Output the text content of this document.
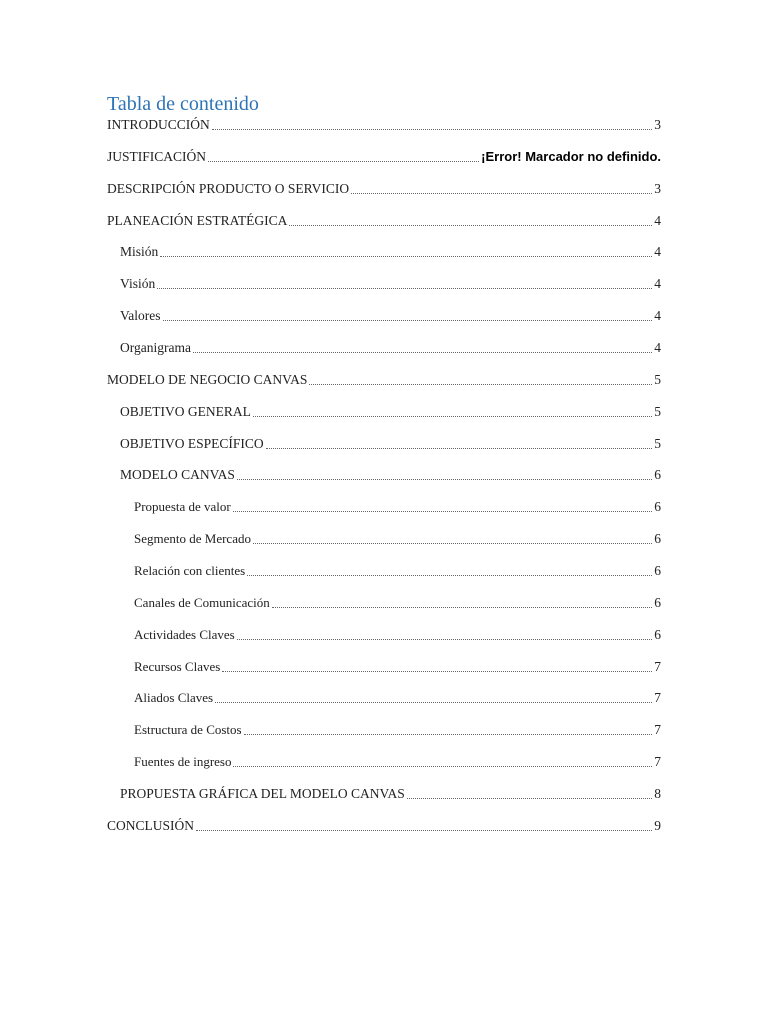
Tabla de contenido
INTRODUCCIÓN	3
JUSTIFICACIÓN	¡Error! Marcador no definido.
DESCRIPCIÓN PRODUCTO O SERVICIO	3
PLANEACIÓN ESTRATÉGICA	4
Misión	4
Visión	4
Valores	4
Organigrama	4
MODELO DE NEGOCIO CANVAS	5
OBJETIVO GENERAL	5
OBJETIVO ESPECÍFICO	5
MODELO CANVAS	6
Propuesta de valor	6
Segmento de Mercado	6
Relación con clientes	6
Canales de Comunicación	6
Actividades Claves	6
Recursos Claves	7
Aliados Claves	7
Estructura de Costos	7
Fuentes de ingreso	7
PROPUESTA GRÁFICA DEL MODELO CANVAS	8
CONCLUSIÓN	9
